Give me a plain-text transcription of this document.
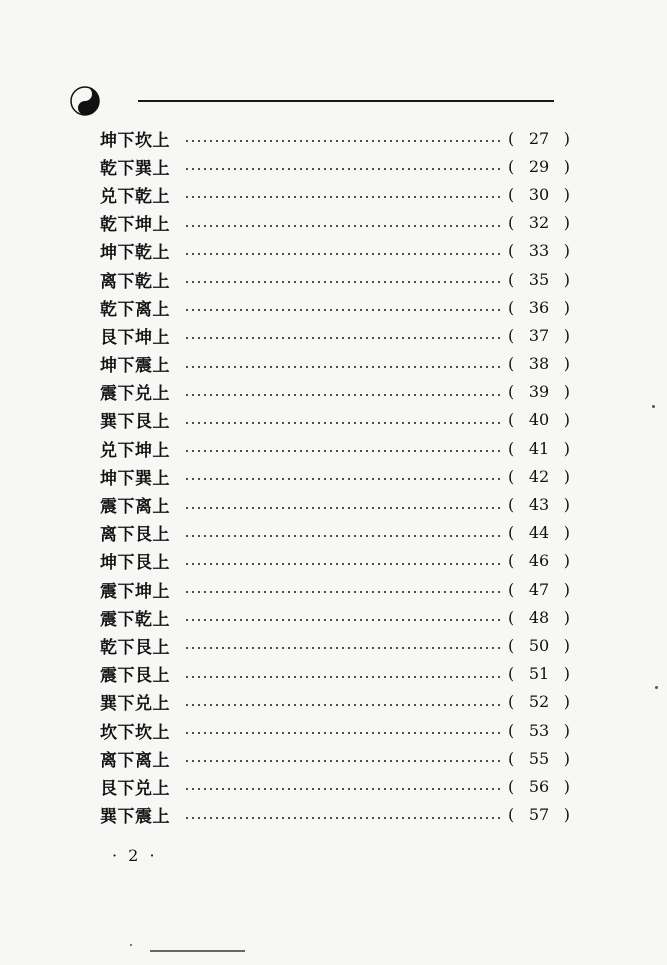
坤下坎上	( 27 )
乾下巽上	( 29 )
兑下乾上	( 30 )
乾下坤上	( 32 )
坤下乾上	( 33 )
离下乾上	( 35 )
乾下离上	( 36 )
艮下坤上	( 37 )
坤下震上	( 38 )
震下兑上	( 39 )
巽下艮上	( 40 )
兑下坤上	( 41 )
坤下巽上	( 42 )
震下离上	( 43 )
离下艮上	( 44 )
坤下艮上	( 46 )
震下坤上	( 47 )
震下乾上	( 48 )
乾下艮上	( 50 )
震下艮上	( 51 )
巽下兑上	( 52 )
坎下坎上	( 53 )
离下离上	( 55 )
艮下兑上	( 56 )
巽下震上	( 57 )
· 2 ·
